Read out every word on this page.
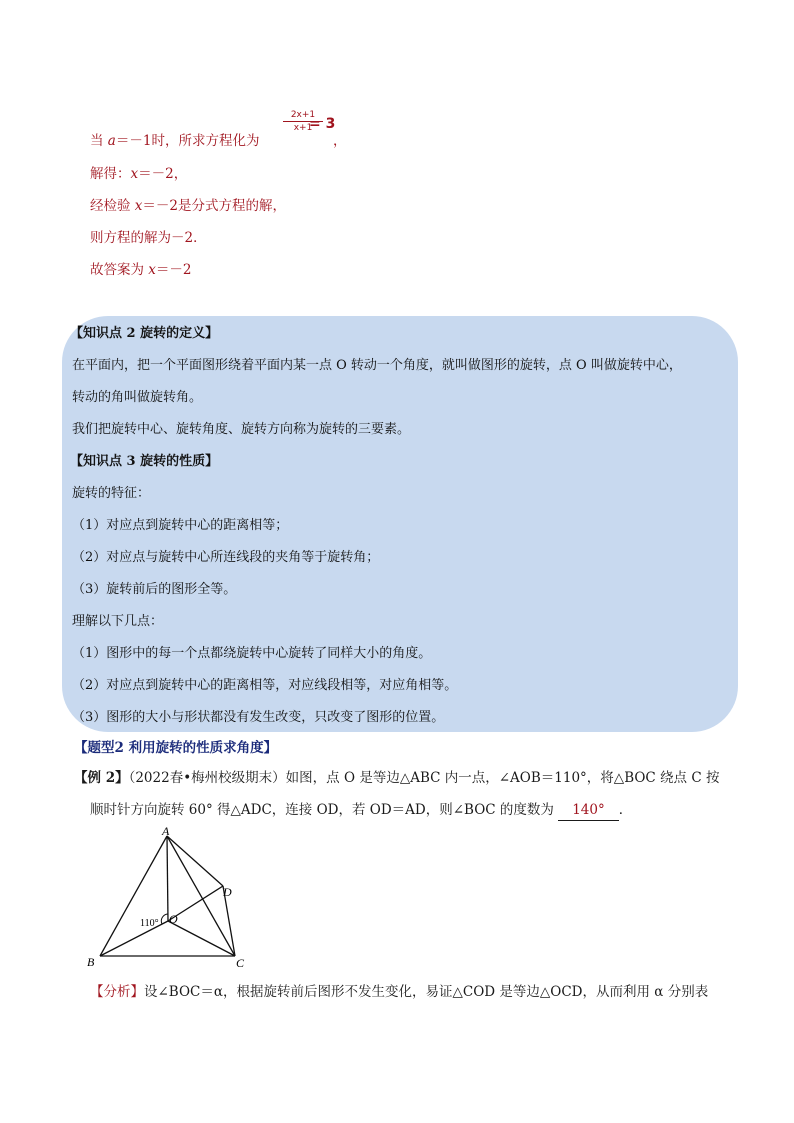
当 a＝－1时，所求方程化为
$\frac{2x+1}{x+1}$
= 3
，
解得：x＝－2，
经检验 x＝－2是分式方程的解，
则方程的解为－2．
故答案为 x＝－2
【知识点 2 旋转的定义】
在平面内，把一个平面图形绕着平面内某一点 O 转动一个角度，就叫做图形的旋转，点 O 叫做旋转中心，
转动的角叫做旋转角。
我们把旋转中心、旋转角度、旋转方向称为旋转的三要素。
【知识点 3 旋转的性质】
旋转的特征：
（1）对应点到旋转中心的距离相等；
（2）对应点与旋转中心所连线段的夹角等于旋转角；
（3）旋转前后的图形全等。
理解以下几点：
（1）图形中的每一个点都绕旋转中心旋转了同样大小的角度。
（2）对应点到旋转中心的距离相等，对应线段相等，对应角相等。
（3）图形的大小与形状都没有发生改变，只改变了图形的位置。
【题型2 利用旋转的性质求角度】
【例 2】（2022春•梅州校级期末）如图，点 O 是等边△ABC 内一点，∠AOB＝110°，将△BOC 绕点 C 按
顺时针方向旋转 60° 得△ADC，连接 OD，若 OD＝AD，则∠BOC 的度数为 140° ．
A
B	C
D
O
110°
【分析】设∠BOC＝α，根据旋转前后图形不发生变化，易证△COD 是等边△OCD，从而利用 α 分别表
